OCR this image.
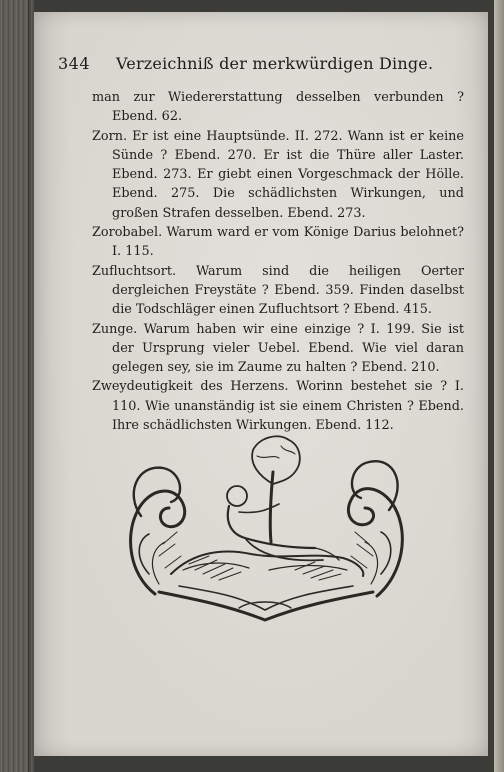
344	Verzeichniß der merkwürdigen Dinge.

man zur Wiedererstattung desselben verbunden ? Ebend. 62.

Zorn. Er ist eine Hauptsünde. II. 272. Wann ist er keine Sünde ? Ebend. 270. Er ist die Thüre aller Laster. Ebend. 273. Er giebt einen Vorgeschmack der Hölle. Ebend. 275. Die schädlichsten Wirkungen, und großen Strafen desselben. Ebend. 273.

Zorobabel. Warum ward er vom Könige Darius belohnet? I. 115.

Zufluchtsort. Warum sind die heiligen Oerter dergleichen Freystäte ? Ebend. 359. Finden daselbst die Todschläger einen Zufluchtsort ? Ebend. 415.

Zunge. Warum haben wir eine einzige ? I. 199. Sie ist der Ursprung vieler Uebel. Ebend. Wie viel daran gelegen sey, sie im Zaume zu halten ? Ebend. 210.

Zweydeutigkeit des Herzens. Worinn bestehet sie ? I. 110. Wie unanständig ist sie einem Christen ? Ebend. Ihre schädlichsten Wirkungen. Ebend. 112.
